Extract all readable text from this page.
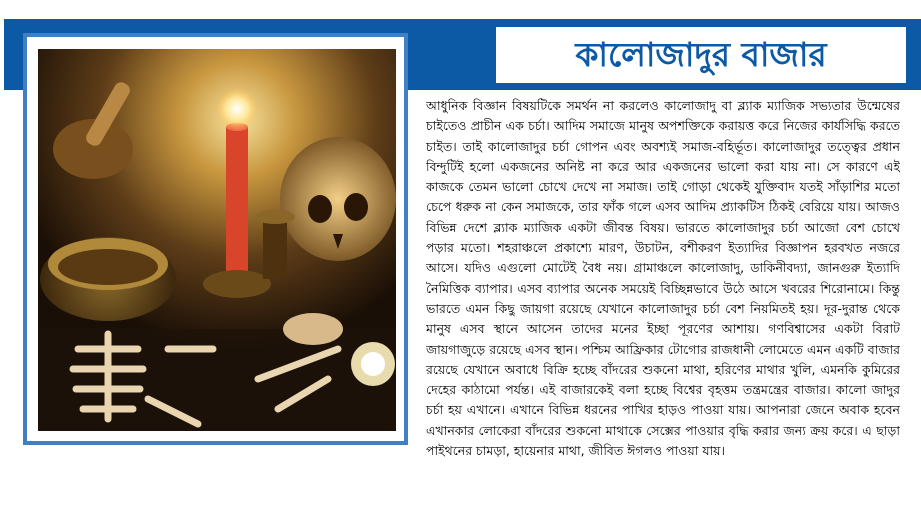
কালোজাদুর বাজার

আধুনিক বিজ্ঞান বিষয়টিকে সমর্থন না করলেও কালোজাদু বা ব্ল্যাক ম্যাজিক সভ্যতার উন্মেষের চাইতেও প্রাচীন এক চর্চা। আদিম সমাজে মানুষ অপশক্তিকে করায়ত্ত করে নিজের কার্যসিদ্ধি করতে চাইত। তাই কালোজাদুর চর্চা গোপন এবং অবশ্যই সমাজ-বহির্ভূত। কালোজাদুর তত্ত্বের প্রধান বিন্দুটিই হলো একজনের অনিষ্ট না করে আর একজনের ভালো করা যায় না। সে কারণে এই কাজকে তেমন ভালো চোখে দেখে না সমাজ। তাই গোড়া থেকেই যুক্তিবাদ যতই সাঁড়াশির মতো চেপে ধরুক না কেন সমাজকে, তার ফাঁক গলে এসব আদিম প্র্যাকটিস ঠিকই বেরিয়ে যায়। আজও বিভিন্ন দেশে ব্ল্যাক ম্যাজিক একটা জীবন্ত বিষয়। ভারতে কালোজাদুর চর্চা আজো বেশ চোখে পড়ার মতো। শহরাঞ্চলে প্রকাশ্যে মারণ, উচাটন, বশীকরণ ইত্যাদির বিজ্ঞাপন হরবখত নজরে আসে। যদিও এগুলো মোটেই বৈধ নয়। গ্রামাঞ্চলে কালোজাদু, ডাকিনীবদ্যা, জানগুরু ইত্যাদি নৈমিত্তিক ব্যাপার। এসব ব্যাপার অনেক সময়েই বিচ্ছিন্নভাবে উঠে আসে খবরের শিরোনামে। কিন্তু ভারতে এমন কিছু জায়গা রয়েছে যেখানে কালোজাদুর চর্চা বেশ নিয়মিতই হয়। দূর-দুরান্ত থেকে মানুষ এসব স্থানে আসেন তাদের মনের ইচ্ছা পূরণের আশায়। গণবিশ্বাসের একটা বিরাট জায়গাজুড়ে রয়েছে এসব স্থান। পশ্চিম আফ্রিকার টোগোর রাজধানী লোমেতে এমন একটি বাজার রয়েছে যেখানে অবাধে বিক্রি হচ্ছে বাঁদরের শুকনো মাথা, হরিণের মাথার খুলি, এমনকি কুমিরের দেহের কাঠামো পর্যন্ত। এই বাজারকেই বলা হচ্ছে বিশ্বের বৃহত্তম তন্ত্রমন্ত্রের বাজার। কালো জাদুর চর্চা হয় এখানে। এখানে বিভিন্ন ধরনের পাখির হাড়ও পাওয়া যায়। আপনারা জেনে অবাক হবেন এখানকার লোকেরা বাঁদরের শুকনো মাথাকে সেক্সের পাওয়ার বৃদ্ধি করার জন্য ক্রয় করে। এ ছাড়া পাইথনের চামড়া, হায়েনার মাথা, জীবিত ঈগলও পাওয়া যায়।
